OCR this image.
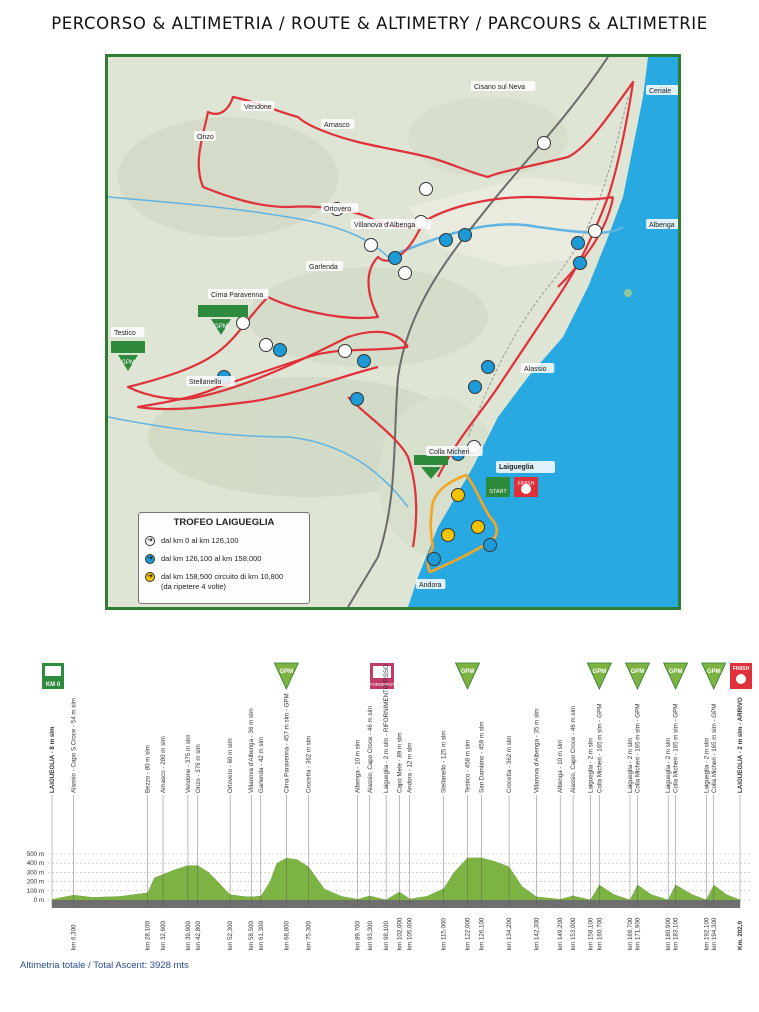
PERCORSO & ALTIMETRIA / ROUTE & ALTIMETRY / PARCOURS & ALTIMETRIE
GPM
GPM
START
FINISH
Cisano sul Neva
Ceriale
Vendone
Arnasco
Onzo
Ortovero
Villanova d'Albenga	Albenga
Garlenda
Cima Paravenna
Testico
Stellanello
Alassio
Colla Micheri
Laigueglia
Andora
TROFEO LAIGUEGLIA
➜ dal km 0 al km 126,100
➜ dal km 126,100 al km 158,000
➜ dal km 158,500 circuito di km 10,800
(da ripetere 4 volte)
KM 0	RIFORNIMENTO
FINISH
GPM	GPM	GPM	GPM	GPM	GPM
500 m
400 m
300 m
200 m
100 m
0 m
LAIGUEGLIA - 8 m slm Alassio - Capo S.Croce - 54 m slm	Bezzo - 80 m slm Arnasco - 280 m slm	Vendone - 375 m slm Onzo - 376 m slm	Ortovero - 60 m slm Villanova d'Albenga - 36 m slm Garlenda - 42 m slm	Cima Paravenna - 457 m slm - GPM Crocetta - 362 m slm	Albenga - 10 m slm Alassio, Capo Croce - 46 m slm Laigueglia - 2 m slm - RIFORNIMENTO FISSO Capo Mele - 89 m slm Andora - 12 m slm	Stellanello - 125 m slm	Testico - 458 m slm San Damiano - 459 m slm	Crocetta - 362 m slm	Villanova d'Albenga - 35 m slm	Albenga - 10 m slm Alassio, Capo Croce - 46 m slm Laigueglia - 2 m slm Colla Micheri - 165 m slm - GPM	Laigueglia - 2 m slm Colla Micheri - 165 m slm - GPM	Laigueglia - 2 m slm Colla Micheri - 165 m slm - GPM	Laigueglia - 2 m slm Colla Micheri - 165 m slm - GPM	LAIGUEGLIA - 2 m slm - ARRIVO
km 6,300	km 28,100 km 32,600	km 39,900 km 42,800	km 52,300 km 58,500 km 61,300	km 68,800 km 75,300	km 89,700 km 93,300 km 98,100 km 102,000 km 105,000	km 115,000	km 122,000 km 126,100	km 134,200	km 142,300	km 149,200 km 153,000 km 158,100 km 160,700	km 169,700 km 171,900	km 180,900 km 183,100	km 192,100 km 194,300	Km. 202,0
Altimetria totale / Total Ascent: 3928 mts
